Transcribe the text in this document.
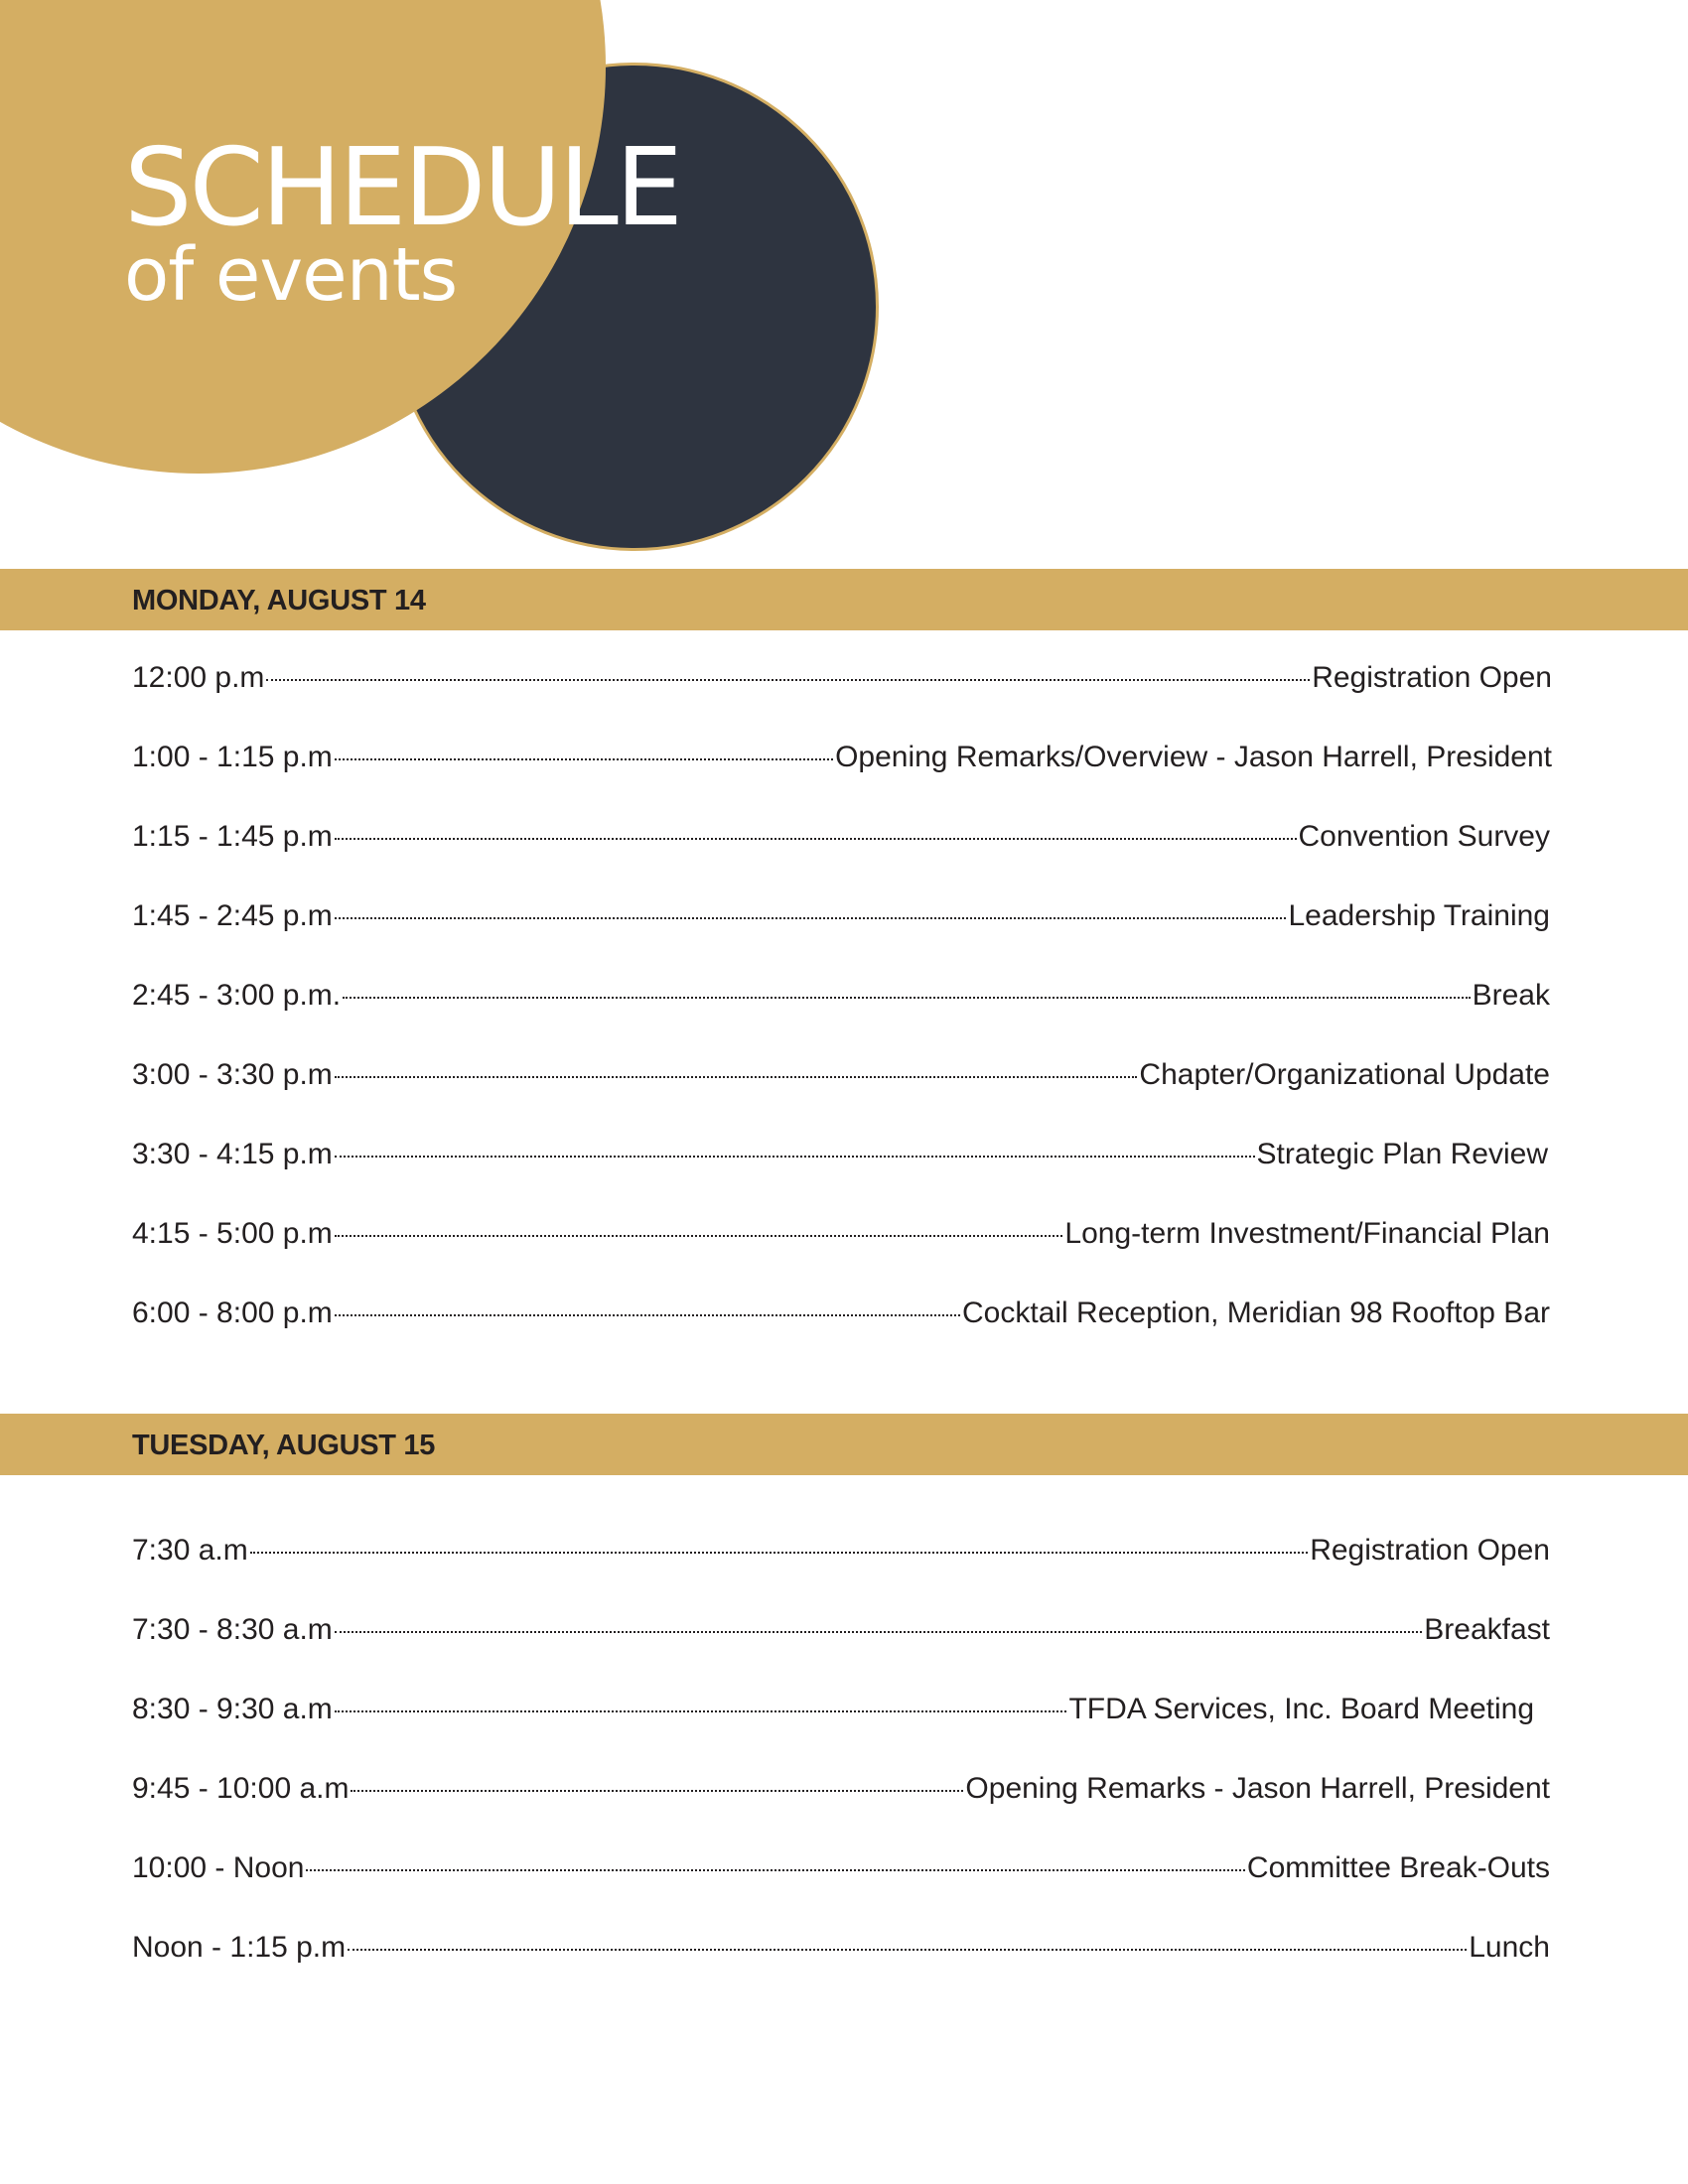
SCHEDULE
of events
MONDAY, AUGUST 14
12:00 p.m	Registration Open
1:00 - 1:15 p.m	Opening Remarks/Overview - Jason Harrell, President
1:15 - 1:45 p.m	Convention Survey
1:45 - 2:45 p.m	Leadership Training
2:45 - 3:00 p.m.	Break
3:00 - 3:30 p.m	Chapter/Organizational Update
3:30 - 4:15 p.m	Strategic Plan Review
4:15 - 5:00 p.m	Long-term Investment/Financial Plan
6:00 - 8:00 p.m	Cocktail Reception, Meridian 98 Rooftop Bar
TUESDAY, AUGUST 15
7:30 a.m	Registration Open
7:30 - 8:30 a.m	Breakfast
8:30 - 9:30 a.m	TFDA Services, Inc. Board Meeting
9:45 - 10:00 a.m	Opening Remarks - Jason Harrell, President
10:00 - Noon	Committee Break-Outs
Noon - 1:15 p.m	Lunch
